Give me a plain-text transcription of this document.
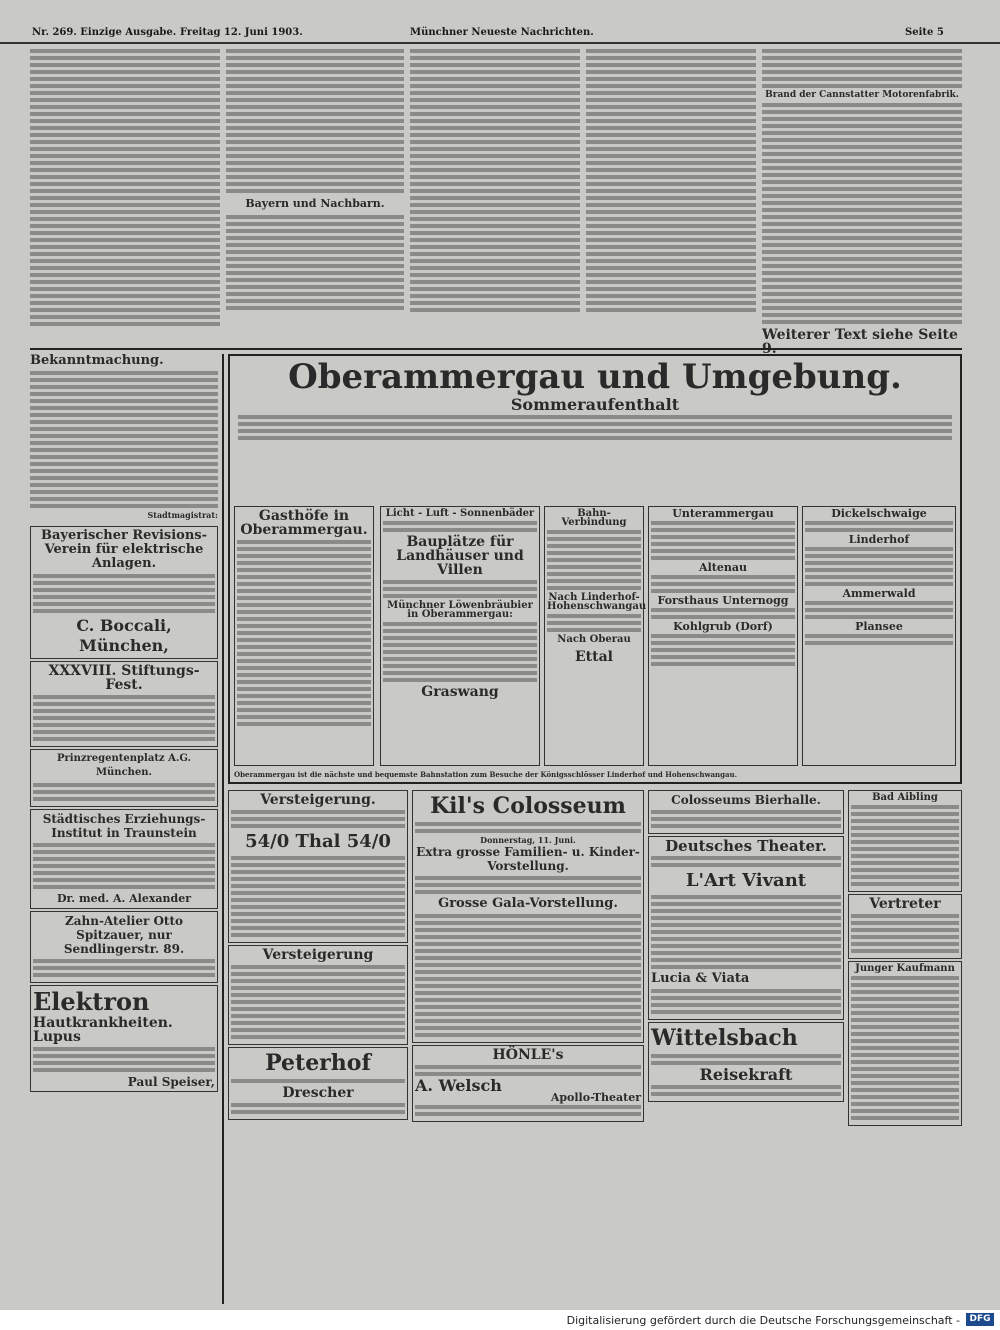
Nr. 269. Einzige Ausgabe. Freitag 12. Juni 1903.	Münchner Neueste Nachrichten.	Seite 5
Bayern und Nachbarn.
Brand der Cannstatter Motorenfabrik.
Weiterer Text siehe Seite
Bekanntmachung.
Stadtmagistrat:
Bayerischer Revisions-Verein für elektrische Anlagen.
C. Boccali, München,
XXXVIII. Stiftungs-Fest.
Prinzregentenplatz A.G. München.
Städtisches Erziehungs-Institut in Traunstein
Dr. med. A. Alexander
Zahn-Atelier Otto Spitzauer, nur Sendlingerstr. 89.
Elektron
Hautkrankheiten. Lupus
Paul Speiser,
Oberammergau und Umgebung.
Sommeraufenthalt
Gasthöfe in Oberammergau.
Licht - Luft - Sonnenbäder
Bauplätze für Landhäuser und Villen
Münchner Löwenbräubier in Oberammergau:
Graswang
Bahn-Verbindung
Nach Linderhof-Hohenschwangau
Nach Oberau
Ettal
Unterammergau
Altenau
Forsthaus Unternogg
Kohlgrub (Dorf)
Dickelschwaige
Linderhof
Ammerwald
Plansee
Oberammergau ist die nächste und bequemste Bahnstation zum Besuche der Königsschlösser Linderhof und Hohenschwangau.
Versteigerung.
54/0 Thal 54/0
Versteigerung
Peterhof
Drescher
Kil's Colosseum
Donnerstag, 11. Juni.
Extra grosse Familien- u. Kinder-Vorstellung.
Grosse Gala-Vorstellung.
HÖNLE's
A. Welsch
Apollo-Theater
Colosseums Bierhalle.
Deutsches Theater.
L'Art Vivant
Lucia & Viata
Wittelsbach
Reisekraft
Bad Aibling
Vertreter
Junger Kaufmann
Digitalisierung gefördert durch die Deutsche Forschungsgemeinschaft -	DFG
